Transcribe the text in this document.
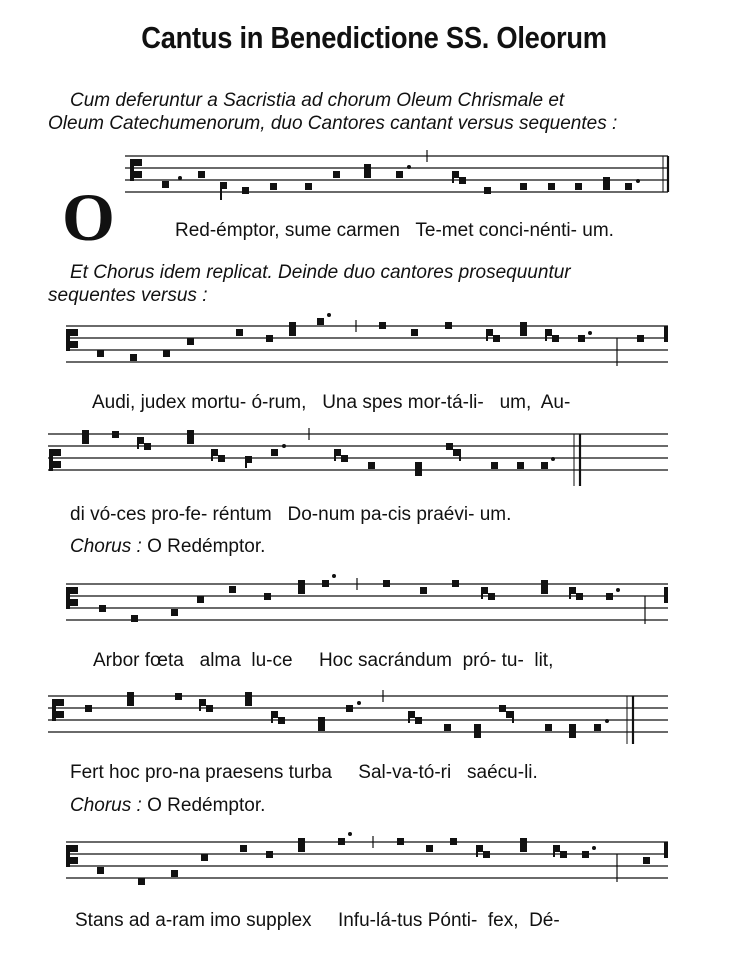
Cantus in Benedictione SS. Oleorum
Cum deferuntur a Sacristia ad chorum Oleum Chrismale et
Oleum Catechumenorum, duo Cantores cantant versus sequentes :
O	Red-émptor, sume carmen   Te-met conci-nénti- um.
Et Chorus idem replicat. Deinde duo cantores prosequuntur
sequentes versus :
Audi, judex mortu- ó-rum,   Una spes mor-tá-li-   um,  Au-
di vó-ces pro-fe- réntum   Do-num pa-cis praévi- um.
Chorus : O Redémptor.
Arbor fœta   alma  lu-ce     Hoc sacrándum  pró- tu-  lit,
Fert hoc pro-na praesens turba     Sal-va-tó-ri   saécu-li.
Chorus : O Redémptor.
Stans ad a-ram imo supplex     Infu-lá-tus Pónti-  fex,  Dé-
